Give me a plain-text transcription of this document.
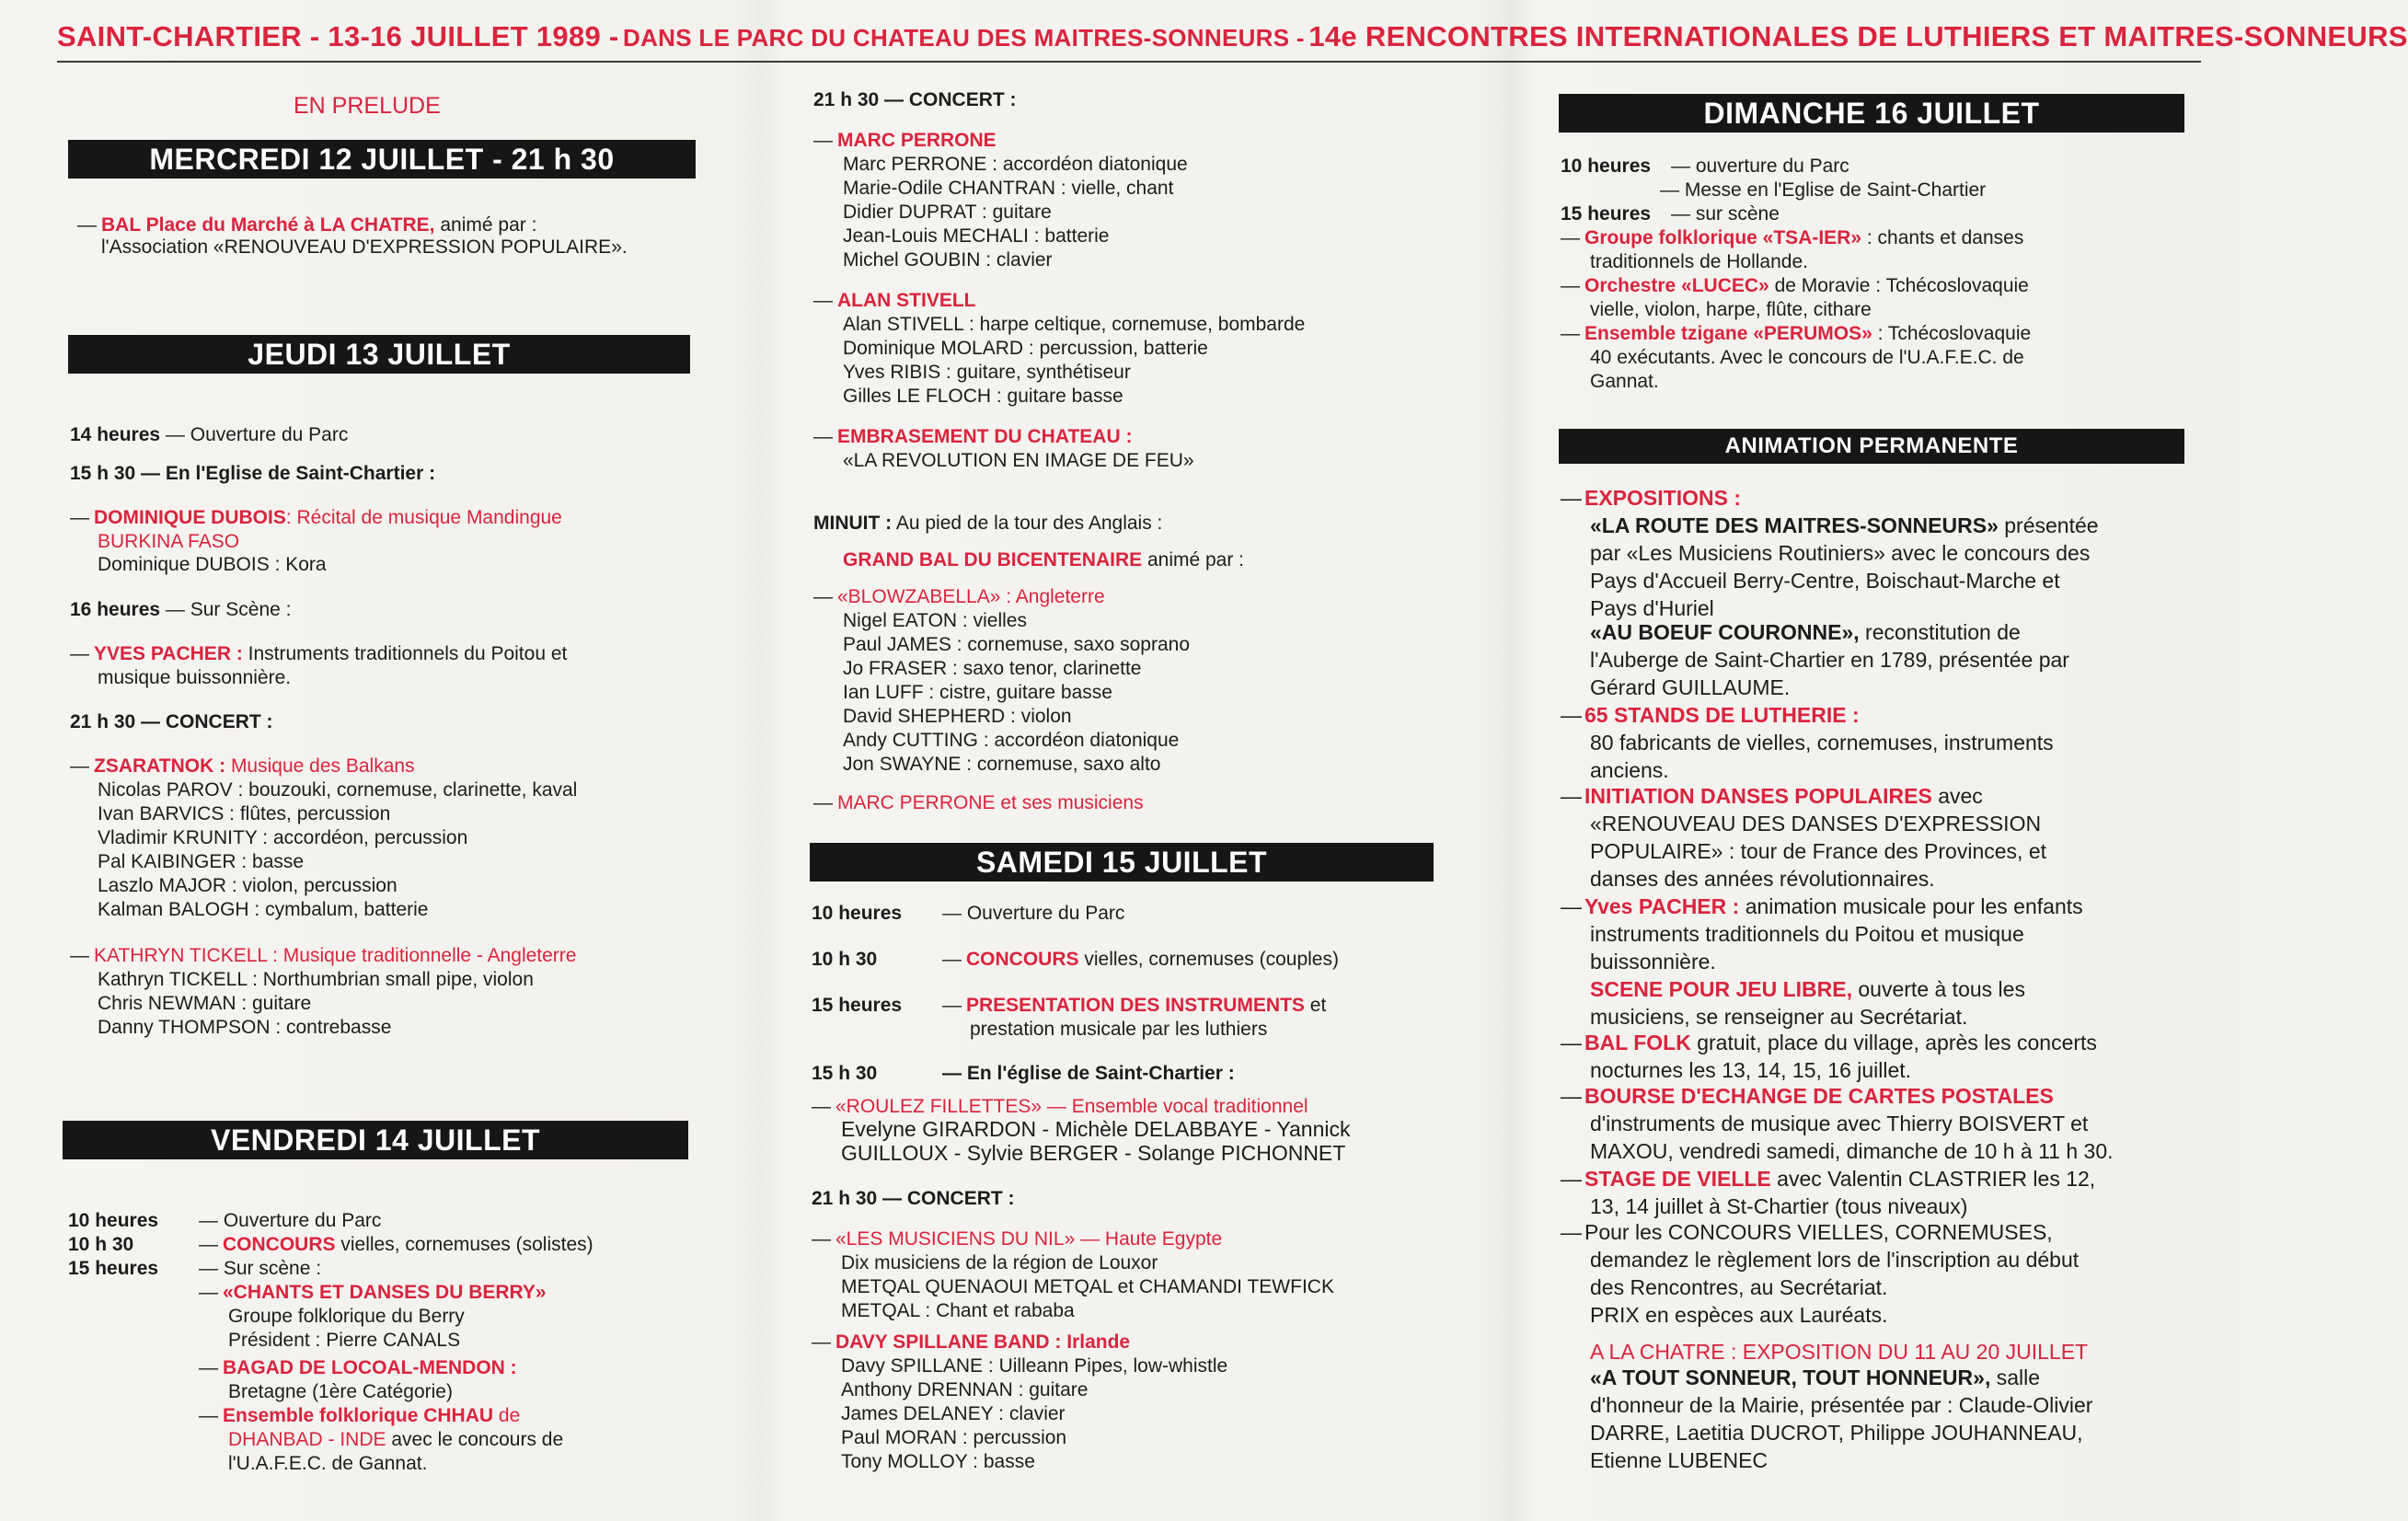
SAINT-CHARTIER - 13-16 JUILLET 1989 - DANS LE PARC DU CHATEAU DES MAITRES-SONNEURS - 14e RENCONTRES INTERNATIONALES DE LUTHIERS ET MAITRES-SONNEURS
EN PRELUDE
MERCREDI 12 JUILLET - 21 h 30
— BAL Place du Marché à LA CHATRE, animé par :
l'Association «RENOUVEAU D'EXPRESSION POPULAIRE».
JEUDI 13 JUILLET
14 heures — Ouverture du Parc
15 h 30 — En l'Eglise de Saint-Chartier :
— DOMINIQUE DUBOIS: Récital de musique Mandingue
BURKINA FASO
Dominique DUBOIS : Kora
16 heures — Sur Scène :
— YVES PACHER : Instruments traditionnels du Poitou et
musique buissonnière.
21 h 30 — CONCERT :
— ZSARATNOK : Musique des Balkans
Nicolas PAROV : bouzouki, cornemuse, clarinette, kaval
Ivan BARVICS : flûtes, percussion
Vladimir KRUNITY : accordéon, percussion
Pal KAIBINGER : basse
Laszlo MAJOR : violon, percussion
Kalman BALOGH : cymbalum, batterie
— KATHRYN TICKELL : Musique traditionnelle - Angleterre
Kathryn TICKELL : Northumbrian small pipe, violon
Chris NEWMAN : guitare
Danny THOMPSON : contrebasse
VENDREDI 14 JUILLET
10 heures — Ouverture du Parc
10 h 30	— CONCOURS vielles, cornemuses (solistes)
15 heures — Sur scène :
— «CHANTS ET DANSES DU BERRY»
Groupe folklorique du Berry
Président : Pierre CANALS
— BAGAD DE LOCOAL-MENDON :
Bretagne (1ère Catégorie)
— Ensemble folklorique CHHAU de
DHANBAD - INDE avec le concours de
l'U.A.F.E.C. de Gannat.
21 h 30 — CONCERT :
— MARC PERRONE
Marc PERRONE : accordéon diatonique
Marie-Odile CHANTRAN : vielle, chant
Didier DUPRAT : guitare
Jean-Louis MECHALI : batterie
Michel GOUBIN : clavier
— ALAN STIVELL
Alan STIVELL : harpe celtique, cornemuse, bombarde
Dominique MOLARD : percussion, batterie
Yves RIBIS : guitare, synthétiseur
Gilles LE FLOCH : guitare basse
— EMBRASEMENT DU CHATEAU :
«LA REVOLUTION EN IMAGE DE FEU»
MINUIT : Au pied de la tour des Anglais :
GRAND BAL DU BICENTENAIRE animé par :
— «BLOWZABELLA» : Angleterre
Nigel EATON : vielles
Paul JAMES : cornemuse, saxo soprano
Jo FRASER : saxo tenor, clarinette
Ian LUFF : cistre, guitare basse
David SHEPHERD : violon
Andy CUTTING : accordéon diatonique
Jon SWAYNE : cornemuse, saxo alto
— MARC PERRONE et ses musiciens
SAMEDI 15 JUILLET
10 heures — Ouverture du Parc
10 h 30	— CONCOURS vielles, cornemuses (couples)
15 heures — PRESENTATION DES INSTRUMENTS et
prestation musicale par les luthiers
15 h 30	— En l'église de Saint-Chartier :
— «ROULEZ FILLETTES» — Ensemble vocal traditionnel
Evelyne GIRARDON - Michèle DELABBAYE - Yannick
GUILLOUX - Sylvie BERGER - Solange PICHONNET
21 h 30 — CONCERT :
— «LES MUSICIENS DU NIL» — Haute Egypte
Dix musiciens de la région de Louxor
METQAL QUENAOUI METQAL et CHAMANDI TEWFICK
METQAL : Chant et rababa
— DAVY SPILLANE BAND : Irlande
Davy SPILLANE : Uilleann Pipes, low-whistle
Anthony DRENNAN : guitare
James DELANEY : clavier
Paul MORAN : percussion
Tony MOLLOY : basse
DIMANCHE 16 JUILLET
10 heures — ouverture du Parc
— Messe en l'Eglise de Saint-Chartier
15 heures — sur scène
— Groupe folklorique «TSA-IER» : chants et danses
traditionnels de Hollande.
— Orchestre «LUCEC» de Moravie : Tchécoslovaquie
vielle, violon, harpe, flûte, cithare
— Ensemble tzigane «PERUMOS» : Tchécoslovaquie
40 exécutants. Avec le concours de l'U.A.F.E.C. de
Gannat.
ANIMATION PERMANENTE
— EXPOSITIONS :
«LA ROUTE DES MAITRES-SONNEURS» présentée
par «Les Musiciens Routiniers» avec le concours des
Pays d'Accueil Berry-Centre, Boischaut-Marche et
Pays d'Huriel
«AU BOEUF COURONNE», reconstitution de
l'Auberge de Saint-Chartier en 1789, présentée par
Gérard GUILLAUME.
— 65 STANDS DE LUTHERIE :
80 fabricants de vielles, cornemuses, instruments
anciens.
— INITIATION DANSES POPULAIRES avec
«RENOUVEAU DES DANSES D'EXPRESSION
POPULAIRE» : tour de France des Provinces, et
danses des années révolutionnaires.
— Yves PACHER : animation musicale pour les enfants
instruments traditionnels du Poitou et musique
buissonnière.
SCENE POUR JEU LIBRE, ouverte à tous les
musiciens, se renseigner au Secrétariat.
— BAL FOLK gratuit, place du village, après les concerts
nocturnes les 13, 14, 15, 16 juillet.
— BOURSE D'ECHANGE DE CARTES POSTALES
d'instruments de musique avec Thierry BOISVERT et
MAXOU, vendredi samedi, dimanche de 10 h à 11 h 30.
— STAGE DE VIELLE avec Valentin CLASTRIER les 12,
13, 14 juillet à St-Chartier (tous niveaux)
— Pour les CONCOURS VIELLES, CORNEMUSES,
demandez le règlement lors de l'inscription au début
des Rencontres, au Secrétariat.
PRIX en espèces aux Lauréats.
A LA CHATRE : EXPOSITION DU 11 AU 20 JUILLET
«A TOUT SONNEUR, TOUT HONNEUR», salle
d'honneur de la Mairie, présentée par : Claude-Olivier
DARRE, Laetitia DUCROT, Philippe JOUHANNEAU,
Etienne LUBENEC
